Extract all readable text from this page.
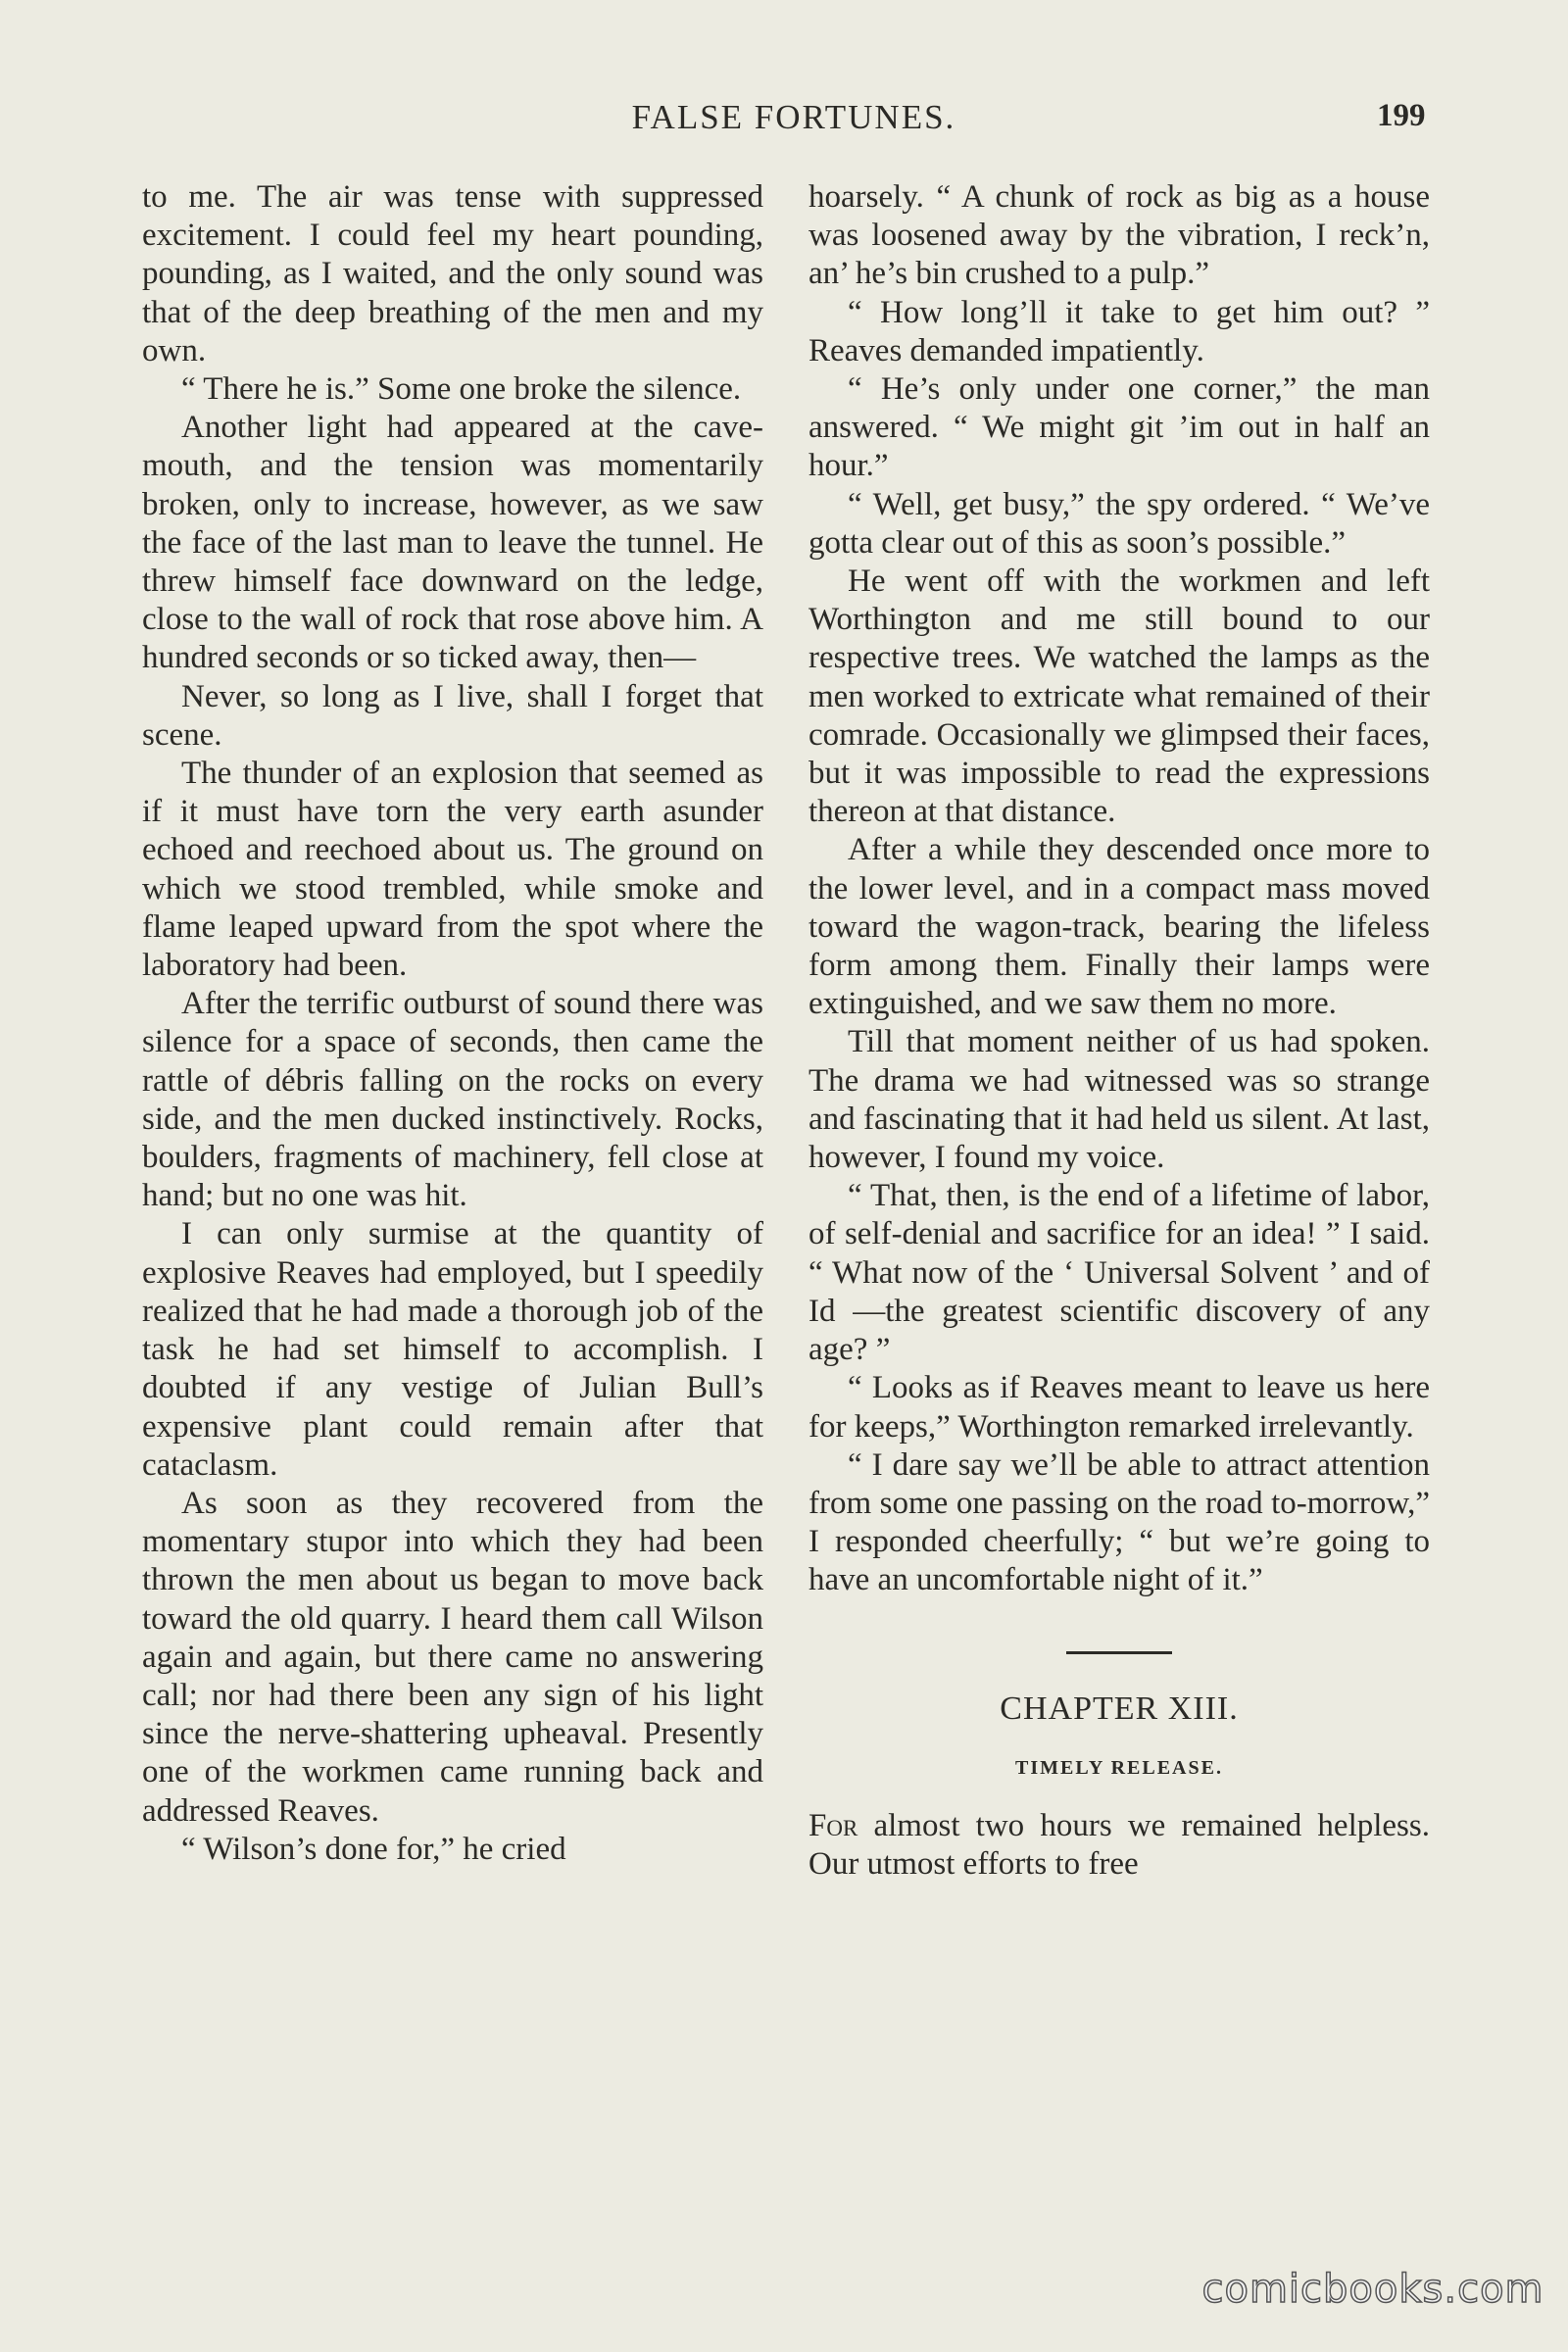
FALSE FORTUNES.	199

to me. The air was tense with suppressed excitement. I could feel my heart pounding, pounding, as I waited, and the only sound was that of the deep breathing of the men and my own.

“ There he is.” Some one broke the silence.

Another light had appeared at the cave-mouth, and the tension was momentarily broken, only to increase, however, as we saw the face of the last man to leave the tunnel. He threw himself face downward on the ledge, close to the wall of rock that rose above him. A hundred seconds or so ticked away, then—

Never, so long as I live, shall I forget that scene.

The thunder of an explosion that seemed as if it must have torn the very earth asunder echoed and reechoed about us. The ground on which we stood trembled, while smoke and flame leaped upward from the spot where the laboratory had been.

After the terrific outburst of sound there was silence for a space of seconds, then came the rattle of débris falling on the rocks on every side, and the men ducked instinctively. Rocks, boulders, fragments of machinery, fell close at hand; but no one was hit.

I can only surmise at the quantity of explosive Reaves had employed, but I speedily realized that he had made a thorough job of the task he had set himself to accomplish. I doubted if any vestige of Julian Bull’s expensive plant could remain after that cataclasm.

As soon as they recovered from the momentary stupor into which they had been thrown the men about us began to move back toward the old quarry. I heard them call Wilson again and again, but there came no answering call; nor had there been any sign of his light since the nerve-shattering upheaval. Presently one of the workmen came running back and addressed Reaves.

“ Wilson’s done for,” he cried

hoarsely. “ A chunk of rock as big as a house was loosened away by the vibration, I reck’n, an’ he’s bin crushed to a pulp.”

“ How long’ll it take to get him out? ” Reaves demanded impatiently.

“ He’s only under one corner,” the man answered. “ We might git ’im out in half an hour.”

“ Well, get busy,” the spy ordered. “ We’ve gotta clear out of this as soon’s possible.”

He went off with the workmen and left Worthington and me still bound to our respective trees. We watched the lamps as the men worked to extricate what remained of their comrade. Occasionally we glimpsed their faces, but it was impossible to read the expressions thereon at that distance.

After a while they descended once more to the lower level, and in a compact mass moved toward the wagon-track, bearing the lifeless form among them. Finally their lamps were extinguished, and we saw them no more.

Till that moment neither of us had spoken. The drama we had witnessed was so strange and fascinating that it had held us silent. At last, however, I found my voice.

“ That, then, is the end of a lifetime of labor, of self-denial and sacrifice for an idea! ” I said. “ What now of the ‘ Universal Solvent ’ and of Id —the greatest scientific discovery of any age? ”

“ Looks as if Reaves meant to leave us here for keeps,” Worthington remarked irrelevantly.

“ I dare say we’ll be able to attract attention from some one passing on the road to-morrow,” I responded cheerfully; “ but we’re going to have an uncomfortable night of it.”

CHAPTER XIII.
TIMELY RELEASE.

For almost two hours we remained helpless. Our utmost efforts to free

comicbooks.com
